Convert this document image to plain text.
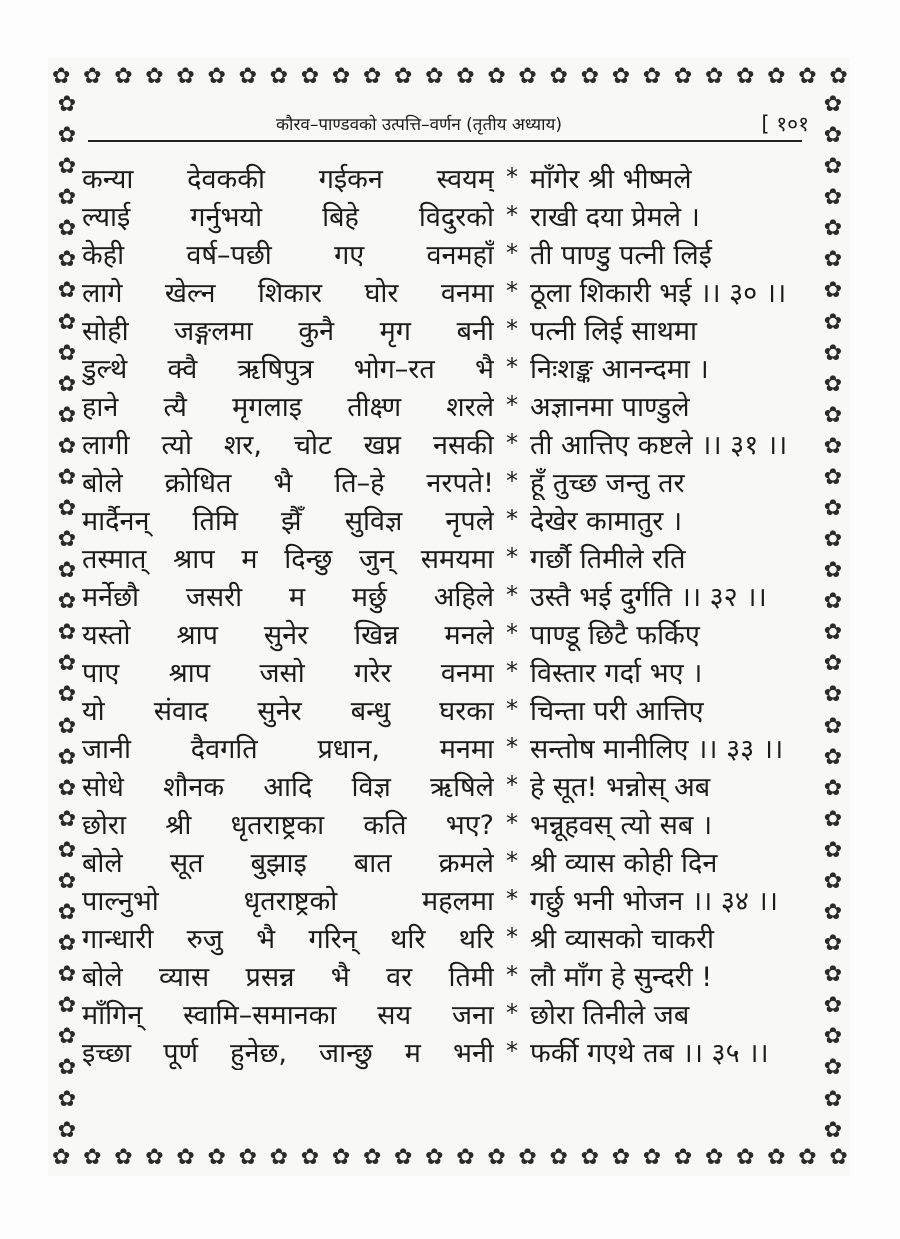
✿ ✿ ✿ ✿ ✿ ✿ ✿ ✿ ✿ ✿ ✿ ✿ ✿ ✿ ✿ ✿ ✿ ✿ ✿ ✿ ✿ ✿ ✿ ✿ ✿ ✿
✿ ✿ ✿ ✿ ✿ ✿ ✿ ✿ ✿ ✿ ✿ ✿ ✿ ✿ ✿ ✿ ✿ ✿ ✿ ✿ ✿ ✿ ✿ ✿ ✿ ✿
✿
✿
✿
✿
✿
✿
✿
✿
✿
✿
✿
✿
✿
✿
✿
✿
✿
✿
✿
✿
✿
✿
✿
✿
✿
✿
✿
✿
✿
✿
✿
✿
✿
✿
✿
✿
✿
✿
✿
✿
✿
✿
✿
✿
✿
✿
✿
✿
✿
✿
✿
✿
✿
✿
✿
✿
✿
✿
✿
✿
✿
✿
✿
✿
✿
✿
✿
✿
कौरव–पाण्डवको उत्पत्ति–वर्णन (तृतीय अध्याय)	[ १०१
कन्या देवककी गईकन स्वयम् * माँगेर श्री भीष्मले
ल्याई गर्नुभयो बिहे विदुरको * राखी दया प्रेमले ।
केही वर्ष–पछी गए वनमहाँ * ती पाण्डु पत्नी लिई
लागे खेल्न शिकार घोर वनमा * ठूला शिकारी भई ।। ३० ।।
सोही जङ्गलमा कुनै मृग बनी * पत्नी लिई साथमा
डुल्थे क्वै ऋषिपुत्र भोग–रत भै * निःशङ्क आनन्दमा ।
हाने त्यै मृगलाइ तीक्ष्ण शरले * अज्ञानमा पाण्डुले
लागी त्यो शर, चोट खप्न नसकी * ती आत्तिए कष्टले ।। ३१ ।।
बोले क्रोधित भै ति–हे नरपते! * हूँ तुच्छ जन्तु तर
मार्दैनन् तिमि झैँ सुविज्ञ नृपले * देखेर कामातुर ।
तस्मात् श्राप म दिन्छु जुन् समयमा * गर्छौ तिमीले रति
मर्नेछौ जसरी म मर्छु अहिले * उस्तै भई दुर्गति ।। ३२ ।।
यस्तो श्राप सुनेर खिन्न मनले * पाण्डू छिटै फर्किए
पाए श्राप जसो गरेर वनमा * विस्तार गर्दा भए ।
यो संवाद सुनेर बन्धु घरका * चिन्ता परी आत्तिए
जानी दैवगति प्रधान, मनमा * सन्तोष मानीलिए ।। ३३ ।।
सोधे शौनक आदि विज्ञ ऋषिले * हे सूत! भन्नोस् अब
छोरा श्री धृतराष्ट्रका कति भए? * भन्नूहवस् त्यो सब ।
बोले सूत बुझाइ बात क्रमले * श्री व्यास कोही दिन
पाल्नुभो धृतराष्ट्रको महलमा * गर्छु भनी भोजन ।। ३४ ।।
गान्धारी रुजु भै गरिन् थरि थरि * श्री व्यासको चाकरी
बोले व्यास प्रसन्न भै वर तिमी * लौ माँग हे सुन्दरी !
माँगिन् स्वामि–समानका सय जना * छोरा तिनीले जब
इच्छा पूर्ण हुनेछ, जान्छु म भनी * फर्की गएथे तब ।। ३५ ।।
